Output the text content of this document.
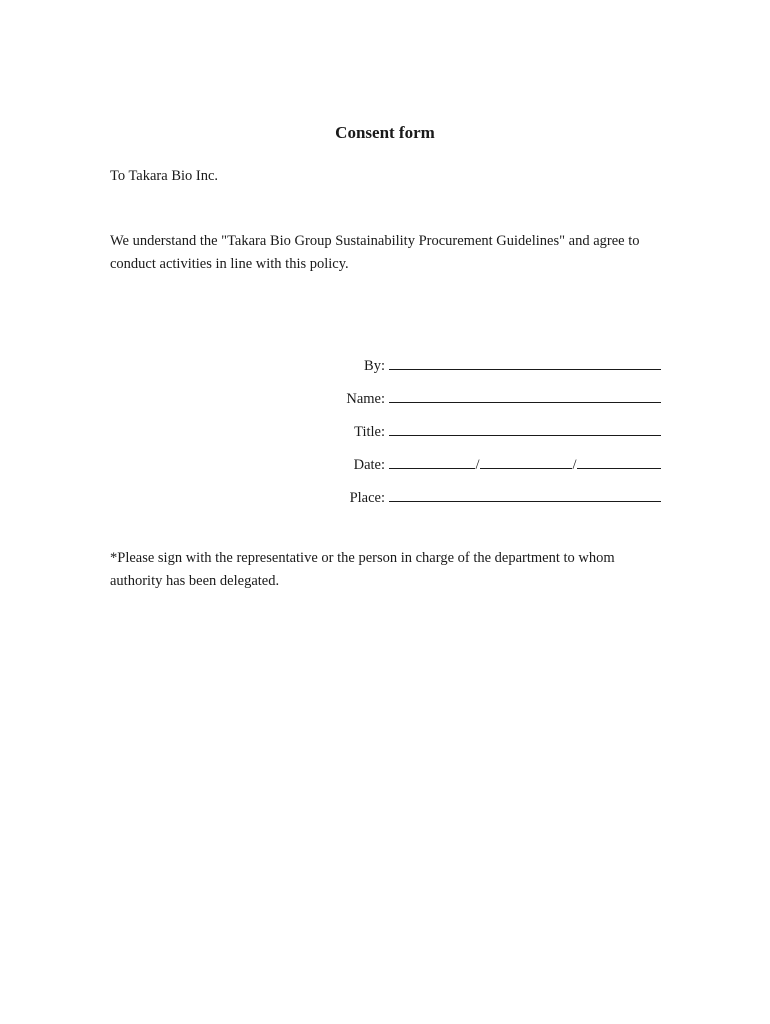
Consent form
To Takara Bio Inc.
We understand the "Takara Bio Group Sustainability Procurement Guidelines" and agree to conduct activities in line with this policy.
By:
Name:
Title:
Date:	/	/
Place:
*Please sign with the representative or the person in charge of the department to whom authority has been delegated.
